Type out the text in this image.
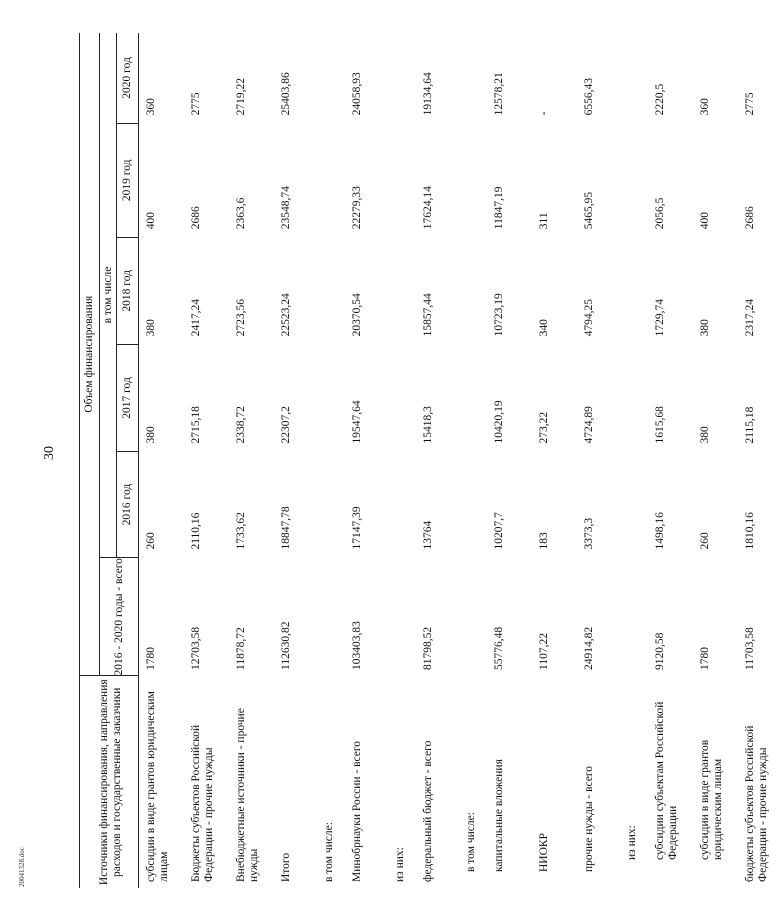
30
Источники финансирования, направления расходов и государственные заказчики	Объем финансирования					
	2016 - 2020 годы - всего	в том числе				
		2016 год	2017 год	2018 год	2019 год	2020 год
субсидии в виде грантов юридическим лицам	1780	260	380	380	400	360
Бюджеты субъектов Российской Федерации - прочие нужды	12703,58	2110,16	2715,18	2417,24	2686	2775
Внебюджетные источники - прочие нужды	11878,72	1733,62	2338,72	2723,56	2363,6	2719,22
Итого	112630,82	18847,78	22307,2	22523,24	23548,74	25403,86
в том числе:						
Минобрнауки России - всего	103403,83	17147,39	19547,64	20370,54	22279,33	24058,93
из них:						
федеральный бюджет - всего	81798,52	13764	15418,3	15857,44	17624,14	19134,64
в том числе:						
капитальные вложения	55776,48	10207,7	10420,19	10723,19	11847,19	12578,21
НИОКР	1107,22	183	273,22	340	311	-
прочие нужды - всего	24914,82	3373,3	4724,89	4794,25	5465,95	6556,43
из них:						
субсидии субъектам Российской Федерации	9120,58	1498,16	1615,68	1729,74	2056,5	2220,5
субсидии в виде грантов юридическим лицам	1780	260	380	380	400	360
бюджеты субъектов Российской Федерации - прочие нужды	11703,58	1810,16	2115,18	2317,24	2686	2775
20041328.doc
